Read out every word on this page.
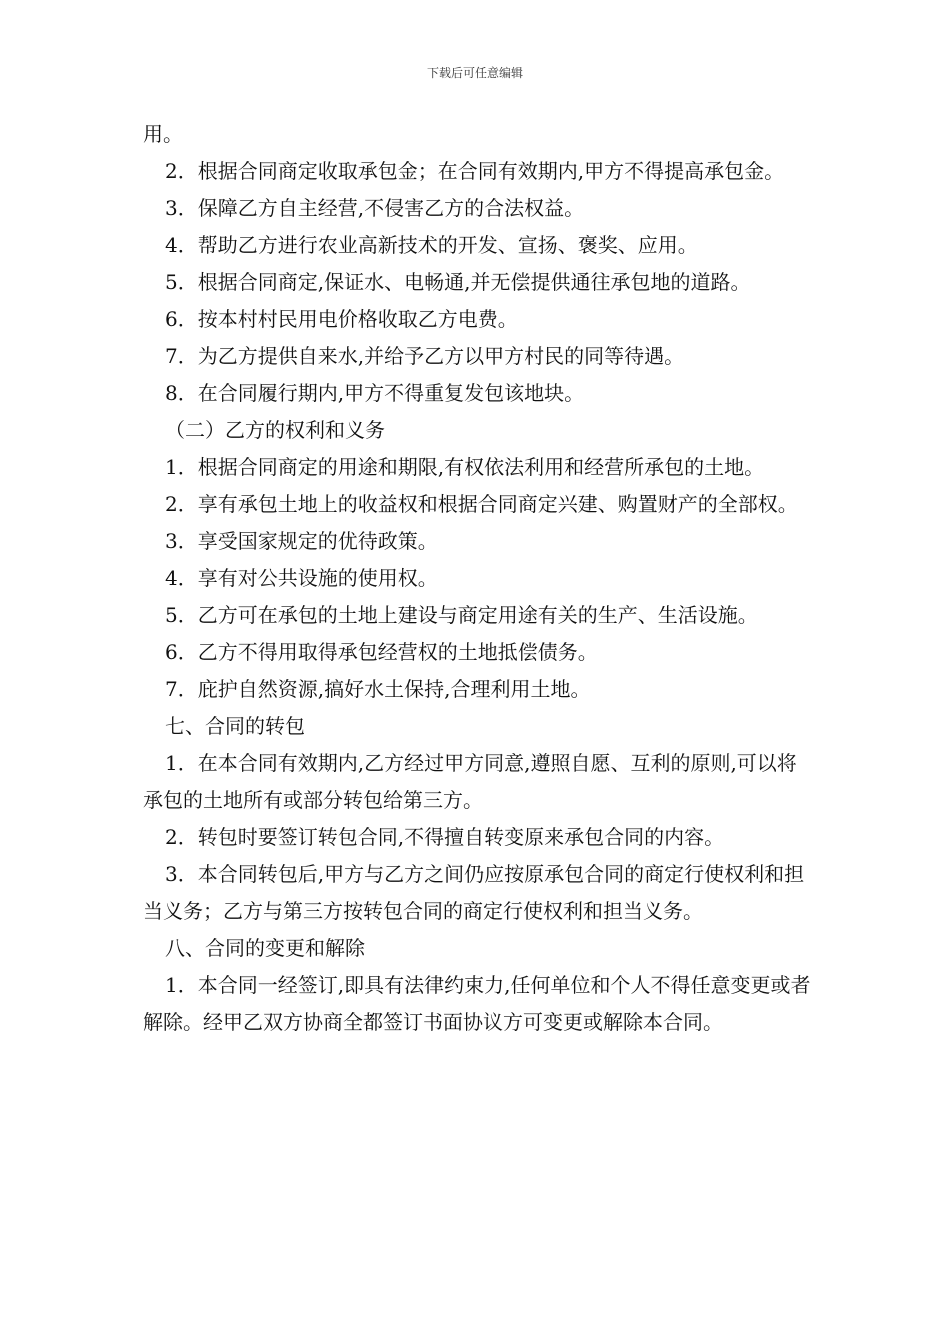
下载后可任意编辑

用。

2．根据合同商定收取承包金；在合同有效期内,甲方不得提高承包金。

3．保障乙方自主经营,不侵害乙方的合法权益。

4．帮助乙方进行农业高新技术的开发、宣扬、褒奖、应用。

5．根据合同商定,保证水、电畅通,并无偿提供通往承包地的道路。

6．按本村村民用电价格收取乙方电费。

7．为乙方提供自来水,并给予乙方以甲方村民的同等待遇。

8．在合同履行期内,甲方不得重复发包该地块。

（二）乙方的权利和义务

1．根据合同商定的用途和期限,有权依法利用和经营所承包的土地。

2．享有承包土地上的收益权和根据合同商定兴建、购置财产的全部权。

3．享受国家规定的优待政策。

4．享有对公共设施的使用权。

5．乙方可在承包的土地上建设与商定用途有关的生产、生活设施。

6．乙方不得用取得承包经营权的土地抵偿债务。

7．庇护自然资源,搞好水土保持,合理利用土地。

七、合同的转包

1．在本合同有效期内,乙方经过甲方同意,遵照自愿、互利的原则,可以将承包的土地所有或部分转包给第三方。

2．转包时要签订转包合同,不得擅自转变原来承包合同的内容。

3．本合同转包后,甲方与乙方之间仍应按原承包合同的商定行使权利和担当义务；乙方与第三方按转包合同的商定行使权利和担当义务。

八、合同的变更和解除

1．本合同一经签订,即具有法律约束力,任何单位和个人不得任意变更或者解除。经甲乙双方协商全都签订书面协议方可变更或解除本合同。
